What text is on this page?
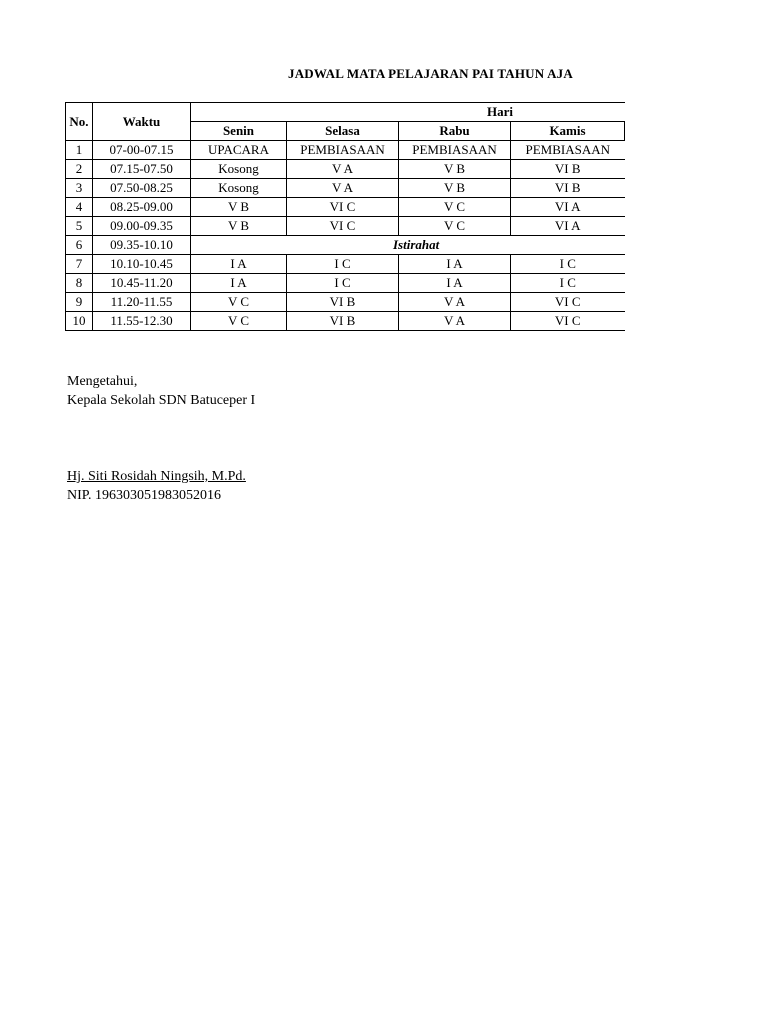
JADWAL MATA PELAJARAN PAI TAHUN AJA
No.	Waktu	Hari			
		Senin	Selasa	Rabu	Kamis
1	07-00-07.15	UPACARA	PEMBIASAAN	PEMBIASAAN	PEMBIASAAN
2	07.15-07.50	Kosong	V A	V B	VI B
3	07.50-08.25	Kosong	V A	V B	VI B
4	08.25-09.00	V B	VI C	V C	VI A
5	09.00-09.35	V B	VI C	V C	VI A
6	09.35-10.10	Istirahat			
7	10.10-10.45	I A	I C	I A	I C
8	10.45-11.20	I A	I C	I A	I C
9	11.20-11.55	V C	VI B	V A	VI C
10	11.55-12.30	V C	VI B	V A	VI C
Mengetahui,
Kepala Sekolah SDN Batuceper I
Hj. Siti Rosidah Ningsih, M.Pd.
NIP. 196303051983052016
